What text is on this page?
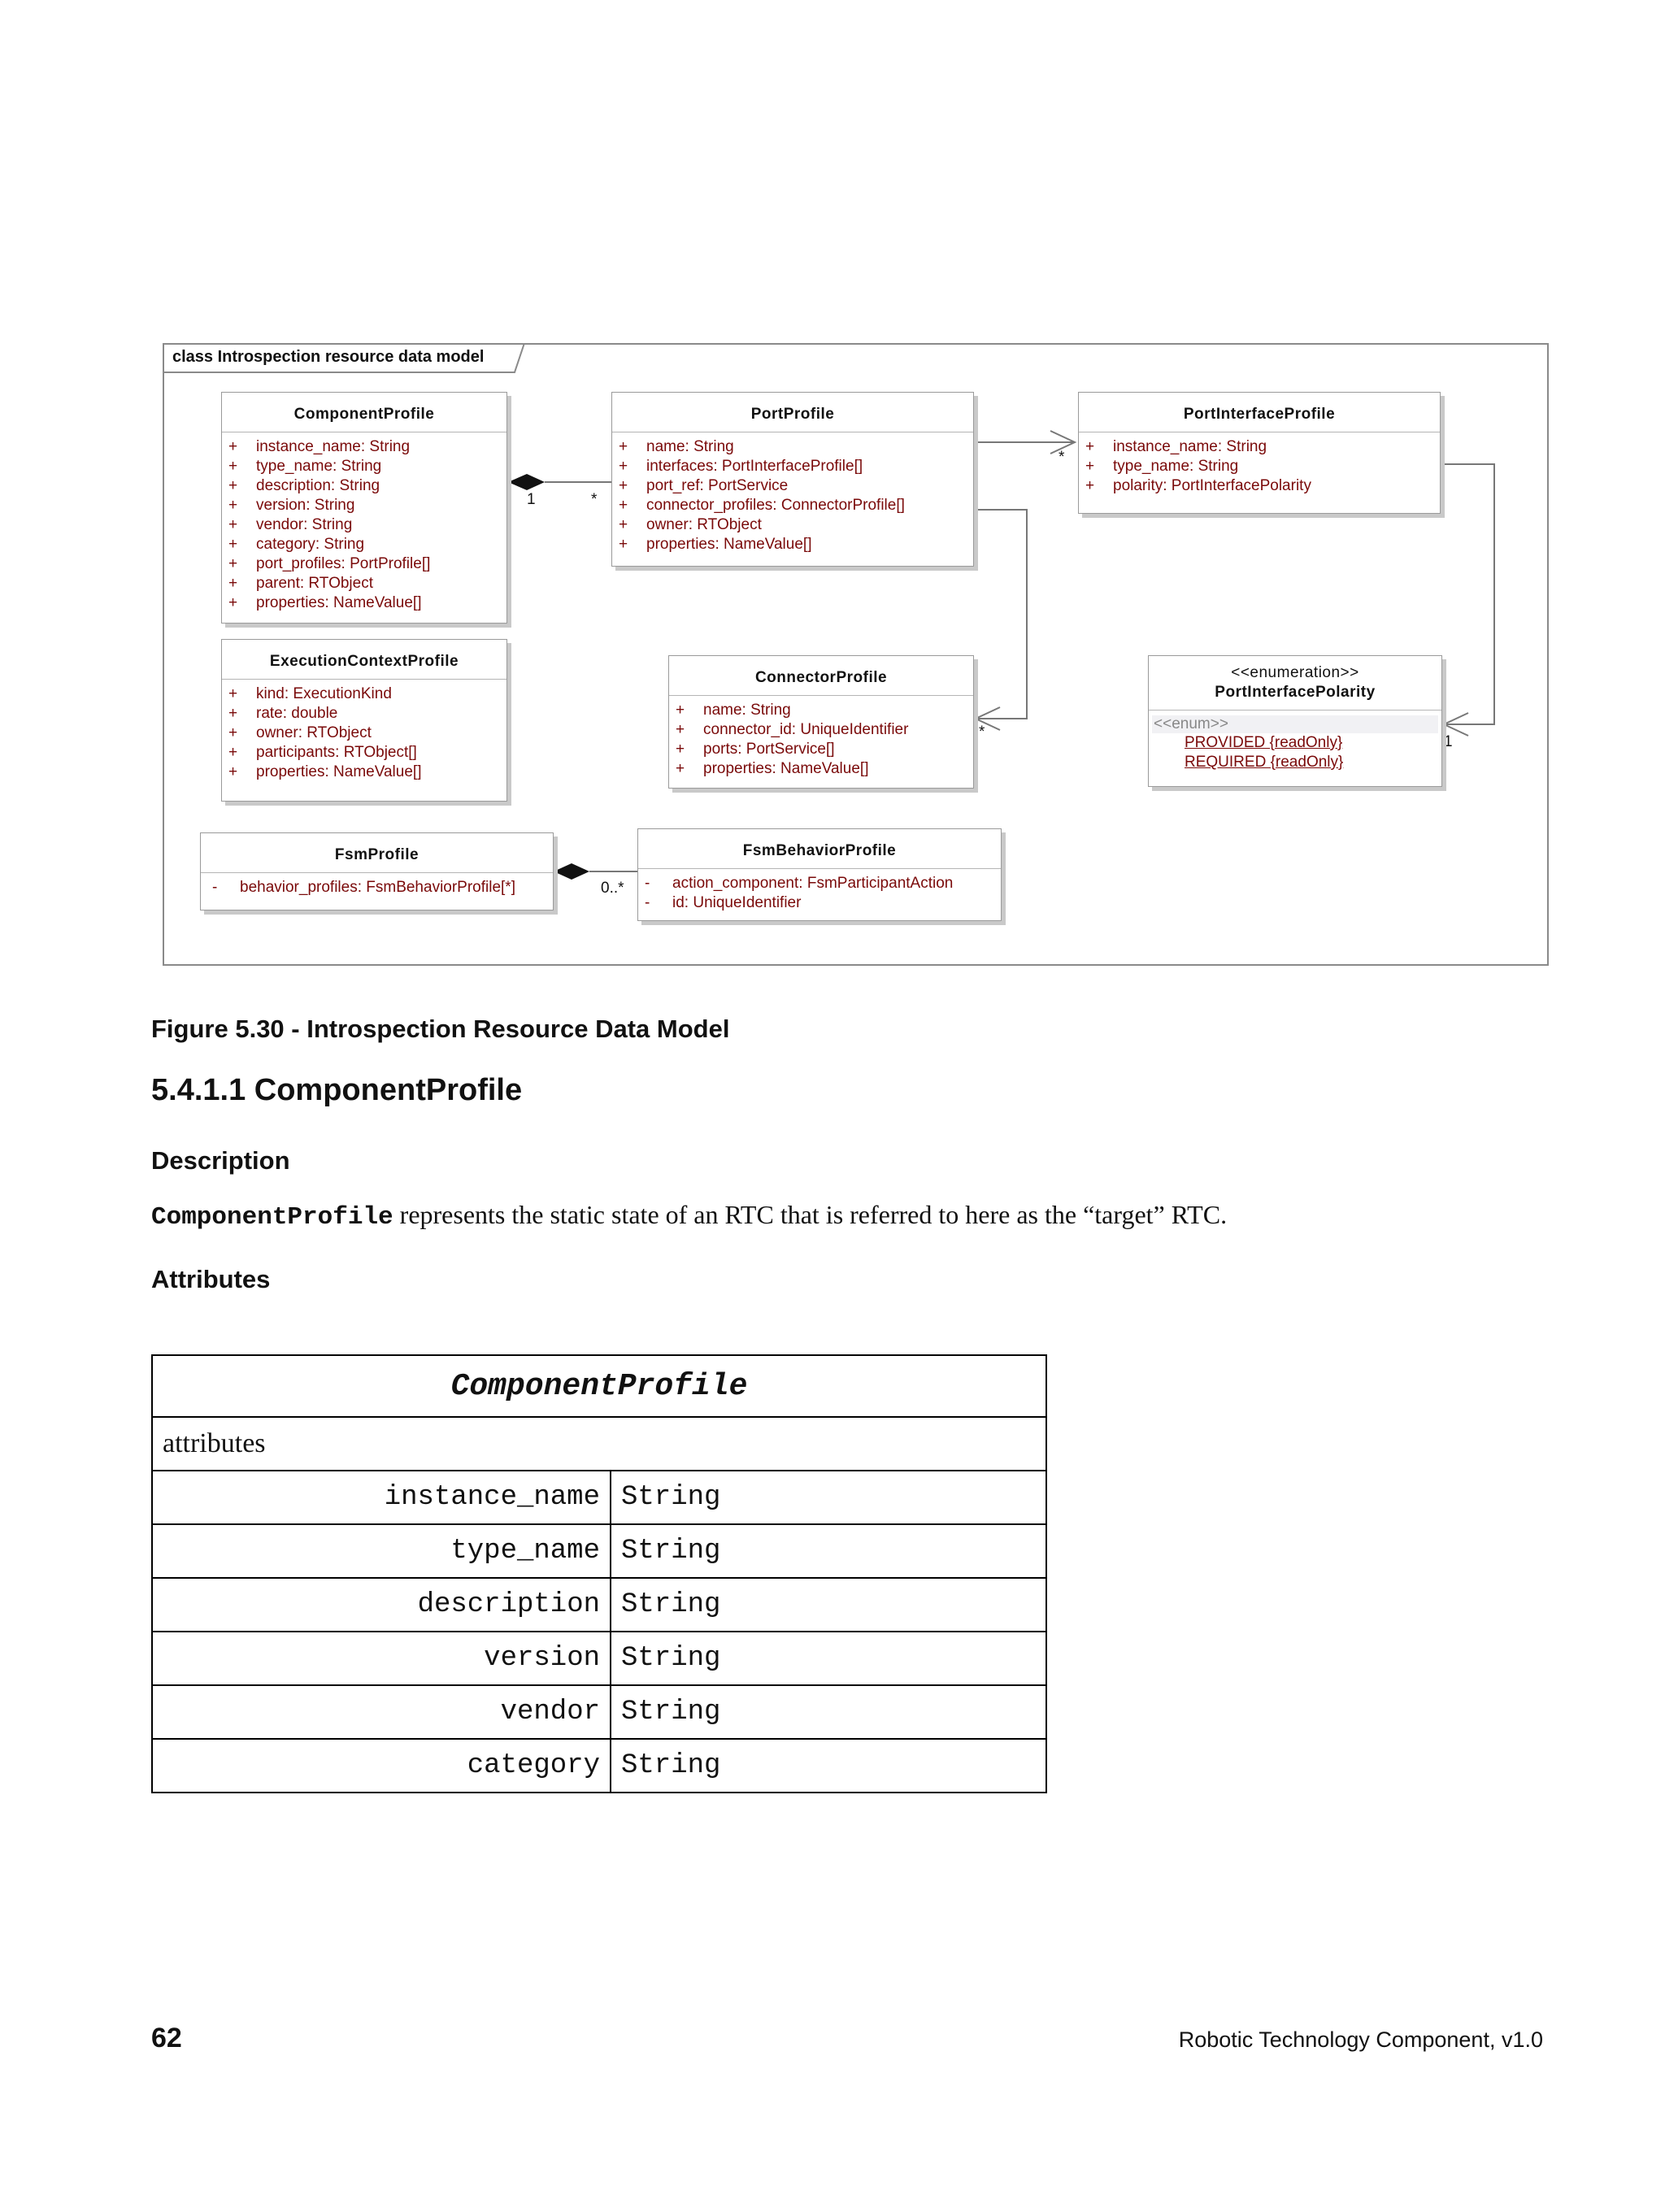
class Introspection resource data model
1	*
*
*
1
0..*
ComponentProfile
+ instance_name: String
+ type_name: String
+ description: String
+ version: String
+ vendor: String
+ category: String
+ port_profiles: PortProfile[]
+ parent: RTObject
+ properties: NameValue[]
PortProfile
+ name: String
+ interfaces: PortInterfaceProfile[]
+ port_ref: PortService
+ connector_profiles: ConnectorProfile[]
+ owner: RTObject
+ properties: NameValue[]
PortInterfaceProfile
+ instance_name: String
+ type_name: String
+ polarity: PortInterfacePolarity
ExecutionContextProfile
+ kind: ExecutionKind
+ rate: double
+ owner: RTObject
+ participants: RTObject[]
+ properties: NameValue[]
ConnectorProfile
+ name: String
+ connector_id: UniqueIdentifier
+ ports: PortService[]
+ properties: NameValue[]
<<enumeration>>
PortInterfacePolarity
<<enum>>
PROVIDED {readOnly}
REQUIRED {readOnly}
FsmProfile
- behavior_profiles: FsmBehaviorProfile[*]
FsmBehaviorProfile
- action_component: FsmParticipantAction
- id: UniqueIdentifier
Figure 5.30 - Introspection Resource Data Model
5.4.1.1 ComponentProfile
Description
ComponentProfile represents the static state of an RTC that is referred to here as the “target” RTC.
Attributes
ComponentProfile	
attributes	
instance_name	String
type_name	String
description	String
version	String
vendor	String
category	String
62	Robotic Technology Component, v1.0
